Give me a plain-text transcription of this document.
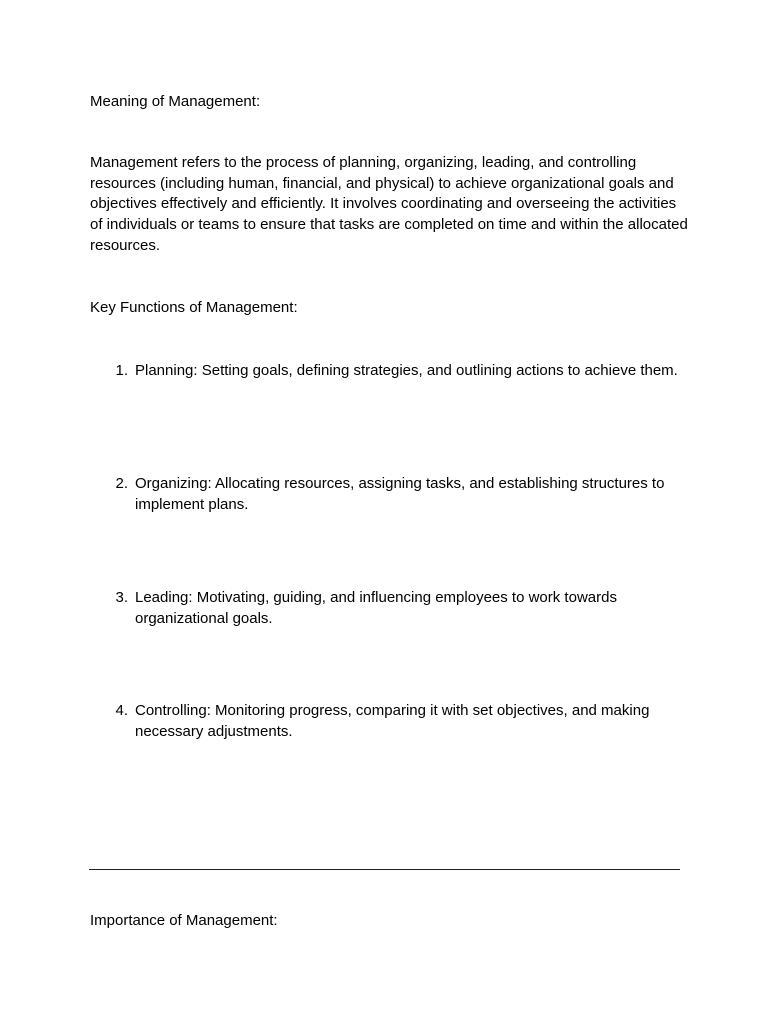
Meaning of Management:

Management refers to the process of planning, organizing, leading, and controlling resources (including human, financial, and physical) to achieve organizational goals and objectives effectively and efficiently. It involves coordinating and overseeing the activities of individuals or teams to ensure that tasks are completed on time and within the allocated resources.

Key Functions of Management:

1. Planning: Setting goals, defining strategies, and outlining actions to achieve them.
2. Organizing: Allocating resources, assigning tasks, and establishing structures to implement plans.
3. Leading: Motivating, guiding, and influencing employees to work towards organizational goals.
4. Controlling: Monitoring progress, comparing it with set objectives, and making necessary adjustments.

Importance of Management:
